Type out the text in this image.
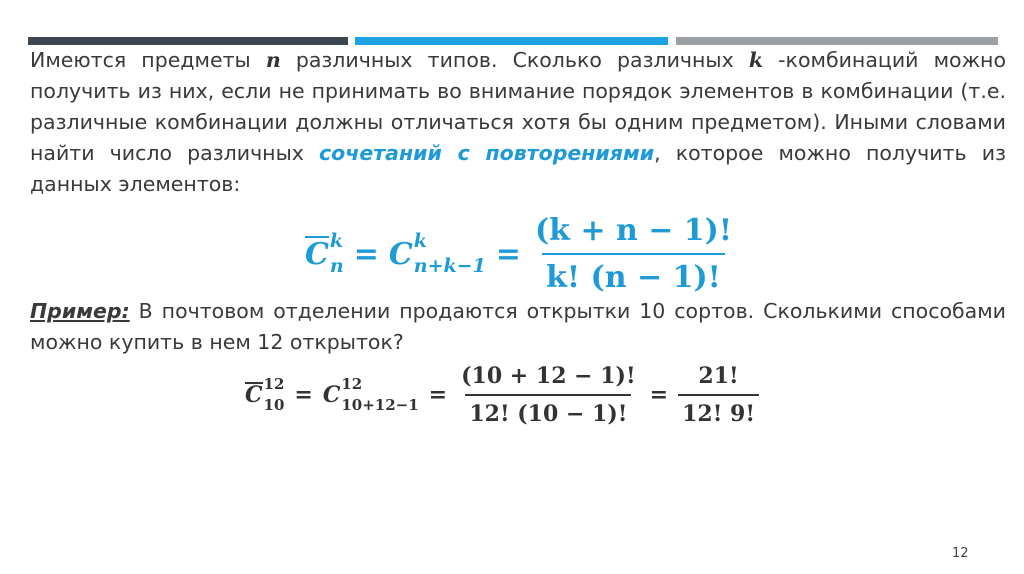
Имеются предметы 𝒏 различных типов. Сколько различных 𝒌 -комбинаций можно получить из них, если не принимать во внимание порядок элементов в комбинации (т.е. различные комбинации должны отличаться хотя бы одним предметом). Иными словами найти число различных сочетаний с повторениями, которое можно получить из данных элементов:
C k
n = C k
$n+k-1 = \frac{(k + n - 1)!}{k! (n - 1)!}$
Пример: В почтовом отделении продаются открытки 10 сортов. Сколькими способами можно купить в нем 12 открыток?
C 12
10 = C 12
$10+12-1 = \frac{(10 + 12 - 1)!}{12! (10 - 1)!} = \frac{21!}{12! 9!}$
12
